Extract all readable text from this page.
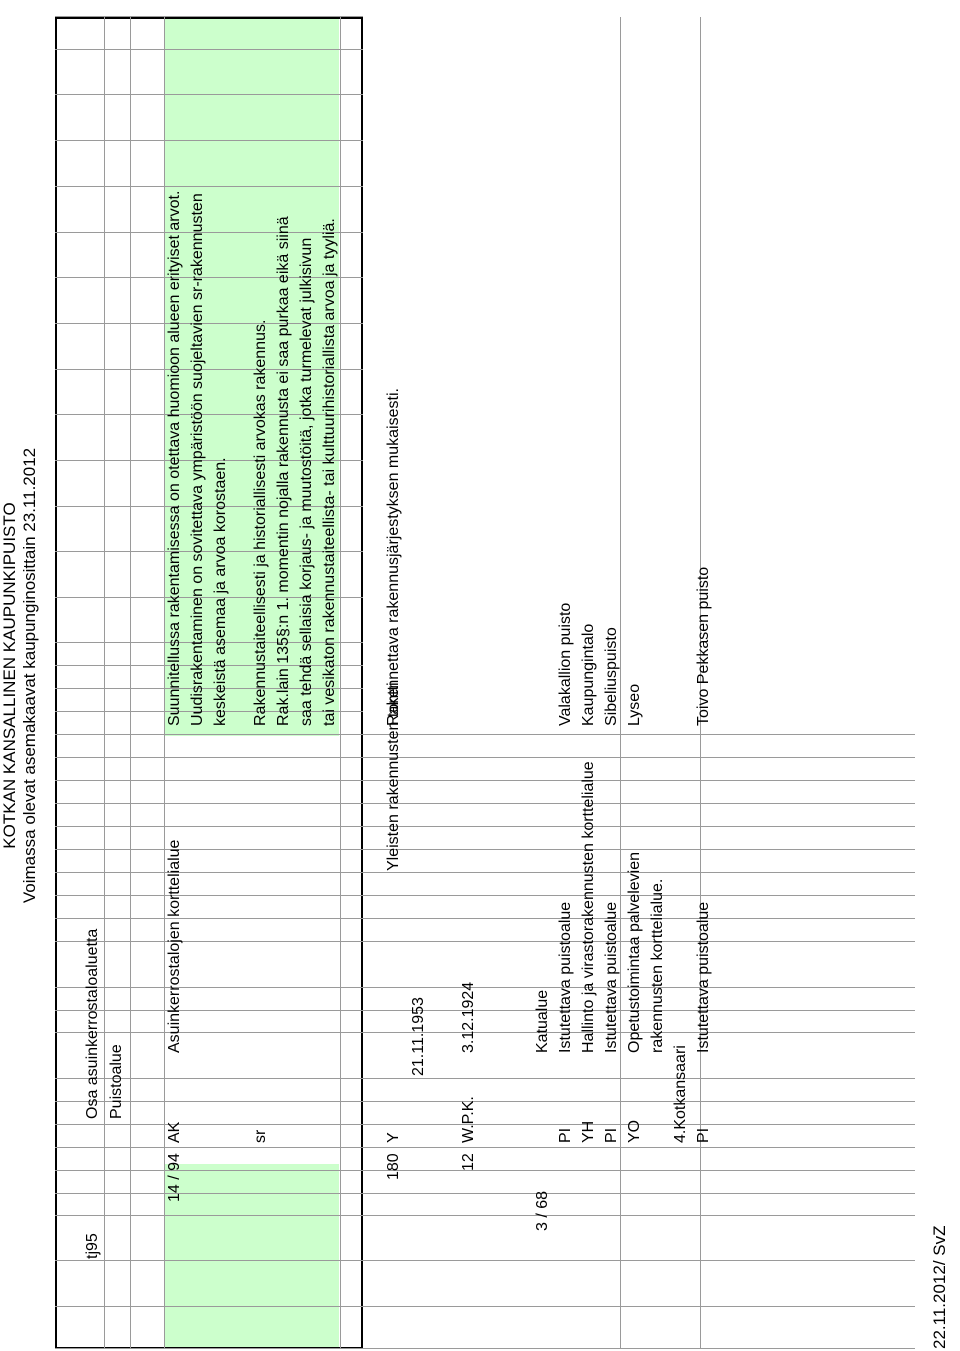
KOTKAN KANSALLINEN KAUPUNKIPUISTO Voimassa olevat asemakaavat kaupunginosittain 23.11.2012
tj95
Osa asuinkerrostaloaluetta Puistoalue
14 / 94
AK
Asuinkerrostalojen korttelialue
Suunnitellussa rakentamisessa on otettava huomioon alueen erityiset arvot. Uudisrakentaminen on sovitettava ympäristöön suojeltavien sr-rakennusten keskeistä asemaa ja arvoa korostaen.
sr
Rakennustaiteellisesti ja historiallisesti arvokas rakennus. Rak.lain 135§:n 1. momentin nojalla rakennusta ei saa purkaa eikä siinä saa tehdä sellaisia korjaus- ja muutostöitä, jotka turmelevat julkisivun tai vesikaton rakennustaiteellista- tai kulttuurihistoriallista arvoa ja tyyliä.
180
Y
Yleisten rakennusten tontti
21.11.1953
Rakennettava rakennusjärjestyksen mukaisesti.
12
W.P.K.
3.12.1924
3 / 68
Katualue
PI
Istutettava puistoalue
Valakallion puisto
YH
Hallinto ja virastorakennusten korttelialue
Kaupungintalo
PI
Istutettava puistoalue
Sibeliuspuisto
YO
Opetustoimintaa palvelevien rakennusten korttelialue.
Lyseo
4.Kotkansaari PI
Istutettava puistoalue
Toivo Pekkasen puisto
22.11.2012/ SvZ
